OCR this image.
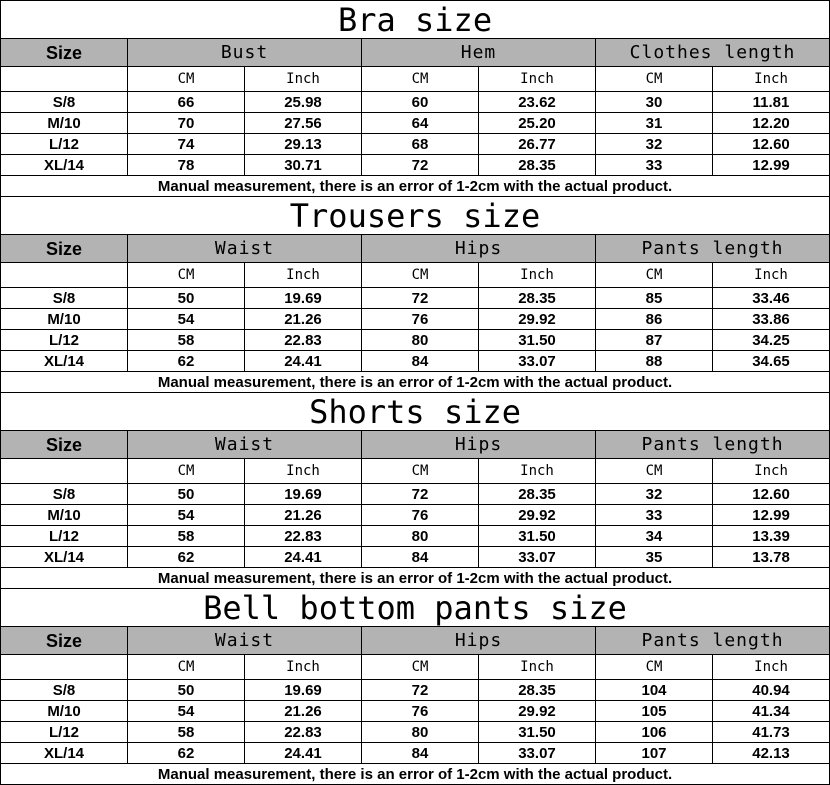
Bra size						
Size	Bust		Hem		Clothes length	
	CM	Inch	CM	Inch	CM	Inch
S/8	66	25.98	60	23.62	30	11.81
M/10	70	27.56	64	25.20	31	12.20
L/12	74	29.13	68	26.77	32	12.60
XL/14	78	30.71	72	28.35	33	12.99
Manual measurement, there is an error of 1-2cm with the actual product.						
Trousers size						
Size	Waist		Hips		Pants length	
	CM	Inch	CM	Inch	CM	Inch
S/8	50	19.69	72	28.35	85	33.46
M/10	54	21.26	76	29.92	86	33.86
L/12	58	22.83	80	31.50	87	34.25
XL/14	62	24.41	84	33.07	88	34.65
Manual measurement, there is an error of 1-2cm with the actual product.						
Shorts size						
Size	Waist		Hips		Pants length	
	CM	Inch	CM	Inch	CM	Inch
S/8	50	19.69	72	28.35	32	12.60
M/10	54	21.26	76	29.92	33	12.99
L/12	58	22.83	80	31.50	34	13.39
XL/14	62	24.41	84	33.07	35	13.78
Manual measurement, there is an error of 1-2cm with the actual product.						
Bell bottom pants size						
Size	Waist		Hips		Pants length	
	CM	Inch	CM	Inch	CM	Inch
S/8	50	19.69	72	28.35	104	40.94
M/10	54	21.26	76	29.92	105	41.34
L/12	58	22.83	80	31.50	106	41.73
XL/14	62	24.41	84	33.07	107	42.13
Manual measurement, there is an error of 1-2cm with the actual product.						
